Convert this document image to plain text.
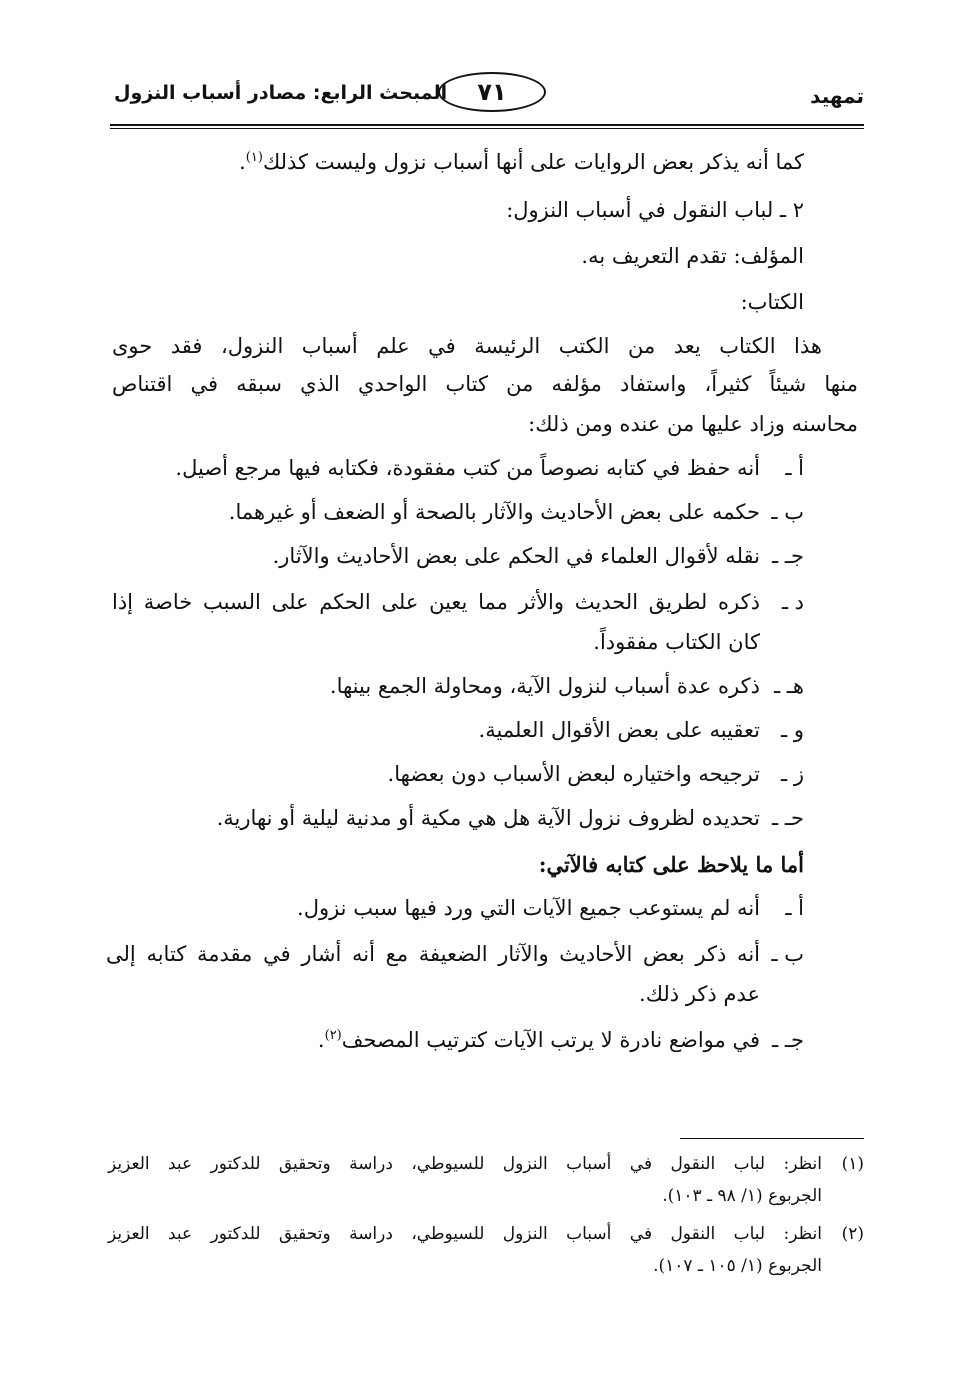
المبحث الرابع: مصادر أسباب النزول	٧١	تمهيد
كما أنه يذكر بعض الروايات على أنها أسباب نزول وليست كذلك$^{(١)}$.
٢ ـ لباب النقول في أسباب النزول:
المؤلف: تقدم التعريف به.
الكتاب:
هذا الكتاب يعد من الكتب الرئيسة في علم أسباب النزول، فقد حوى
منها شيئاً كثيراً، واستفاد مؤلفه من كتاب الواحدي الذي سبقه في اقتناص
محاسنه وزاد عليها من عنده ومن ذلك:
أ ـ
أنه حفظ في كتابه نصوصاً من كتب مفقودة، فكتابه فيها مرجع أصيل.
ب ـ
حكمه على بعض الأحاديث والآثار بالصحة أو الضعف أو غيرهما.
جـ ـ
نقله لأقوال العلماء في الحكم على بعض الأحاديث والآثار.
د ـ
ذكره لطريق الحديث والأثر مما يعين على الحكم على السبب خاصة إذا
كان الكتاب مفقوداً.
هـ ـ
ذكره عدة أسباب لنزول الآية، ومحاولة الجمع بينها.
و ـ
تعقيبه على بعض الأقوال العلمية.
ز ـ
ترجيحه واختياره لبعض الأسباب دون بعضها.
حـ ـ
تحديده لظروف نزول الآية هل هي مكية أو مدنية ليلية أو نهارية.
أما ما يلاحظ على كتابه فالآتي:
أ ـ
أنه لم يستوعب جميع الآيات التي ورد فيها سبب نزول.
ب ـ
أنه ذكر بعض الأحاديث والآثار الضعيفة مع أنه أشار في مقدمة كتابه إلى
عدم ذكر ذلك.
جـ ـ
في مواضع نادرة لا يرتب الآيات كترتيب المصحف$^{(٢)}$.
(١)
انظر: لباب النقول في أسباب النزول للسيوطي، دراسة وتحقيق للدكتور عبد العزيز
الجربوع (١/ ٩٨ ـ ١٠٣).
(٢)
انظر: لباب النقول في أسباب النزول للسيوطي، دراسة وتحقيق للدكتور عبد العزيز
الجربوع (١/ ١٠٥ ـ ١٠٧).
